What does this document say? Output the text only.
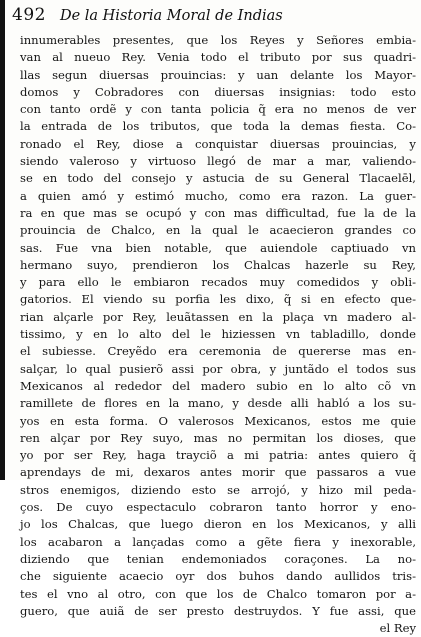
492 De la Historia Moral de Indias
innumerables presentes, que los Reyes y Señores embia-
van al nueuo Rey. Venia todo el tributo por sus quadri-
llas segun diuersas prouincias: y uan delante los Mayor-
domos y Cobradores con diuersas insignias: todo esto
con tanto ordẽ y con tanta policia q̃ era no menos de ver
la entrada de los tributos, que toda la demas fiesta. Co-
ronado el Rey, diose a conquistar diuersas prouincias, y
siendo valeroso y virtuoso llegó de mar a mar, valiendo-
se en todo del consejo y astucia de su General Tlacaelēl,
a quien amó y estimó mucho, como era razon. La guer-
ra en que mas se ocupó y con mas difficultad, fue la de la
prouincia de Chalco, en la qual le acaecieron grandes co
sas. Fue vna bien notable, que auiendole captiuado vn
hermano suyo, prendieron los Chalcas hazerle su Rey,
y para ello le embiaron recados muy comedidos y obli-
gatorios. El viendo su porfia les dixo, q̃ si en efecto que-
rian alçarle por Rey, leuãtassen en la plaça vn madero al-
tissimo, y en lo alto del le hiziessen vn tabladillo, donde
el subiesse. Creyẽdo era ceremonia de quererse mas en-
salçar, lo qual pusierõ assi por obra, y juntãdo el todos sus
Mexicanos al rededor del madero subio en lo alto cõ vn
ramillete de flores en la mano, y desde alli habló a los su-
yos en esta forma. O valerosos Mexicanos, estos me quie
ren alçar por Rey suyo, mas no permitan los dioses, que
yo por ser Rey, haga trayciõ a mi patria: antes quiero q̃
aprendays de mi, dexaros antes morir que passaros a vue
stros enemigos, diziendo esto se arrojó, y hizo mil peda-
ços. De cuyo espectaculo cobraron tanto horror y eno-
jo los Chalcas, que luego dieron en los Mexicanos, y alli
los acabaron a lançadas como a gẽte fiera y inexorable,
diziendo que tenian endemoniados coraçones. La no-
che siguiente acaecio oyr dos buhos dando aullidos tris-
tes el vno al otro, con que los de Chalco tomaron por a-
guero, que auiã de ser presto destruydos. Y fue assi, que
el Rey
